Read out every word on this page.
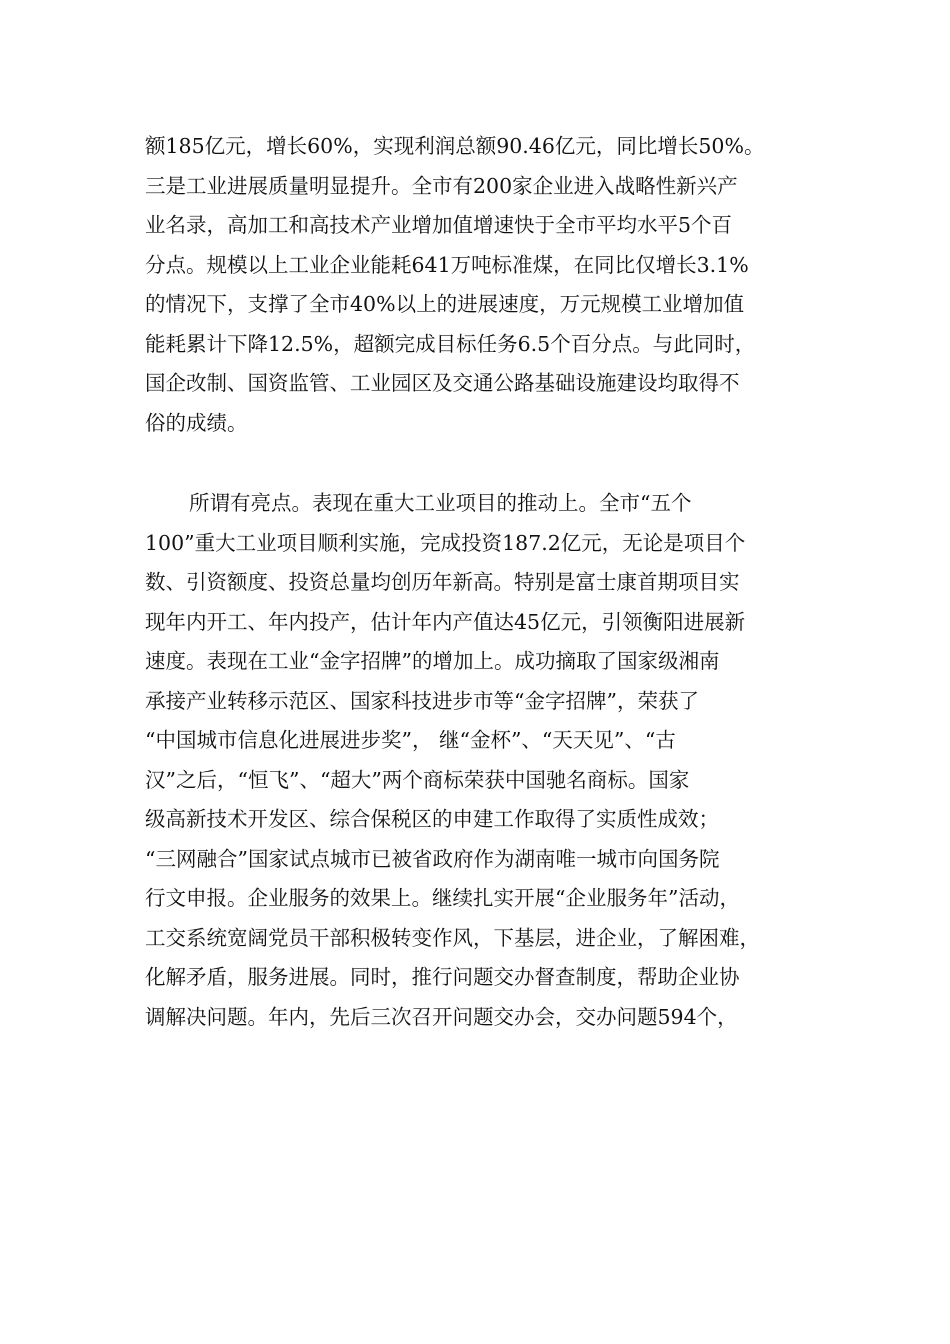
额185亿元，增长60%，实现利润总额90.46亿元，同比增长50%。
三是工业进展质量明显提升。全市有200家企业进入战略性新兴产
业名录，高加工和高技术产业增加值增速快于全市平均水平5个百
分点。规模以上工业企业能耗641万吨标准煤，在同比仅增长3.1%
的情况下，支撑了全市40%以上的进展速度，万元规模工业增加值
能耗累计下降12.5%，超额完成目标任务6.5个百分点。与此同时，
国企改制、国资监管、工业园区及交通公路基础设施建设均取得不
俗的成绩。
所谓有亮点。表现在重大工业项目的推动上。全市“五个
100”重大工业项目顺利实施，完成投资187.2亿元，无论是项目个
数、引资额度、投资总量均创历年新高。特别是富士康首期项目实
现年内开工、年内投产，估计年内产值达45亿元，引领衡阳进展新
速度。表现在工业“金字招牌”的增加上。成功摘取了国家级湘南
承接产业转移示范区、国家科技进步市等“金字招牌”，荣获了
“中国城市信息化进展进步奖”， 继“金杯”、“天天见”、“古
汉”之后，“恒飞”、“超大”两个商标荣获中国驰名商标。国家
级高新技术开发区、综合保税区的申建工作取得了实质性成效；
“三网融合”国家试点城市已被省政府作为湖南唯一城市向国务院
行文申报。企业服务的效果上。继续扎实开展“企业服务年”活动，
工交系统宽阔党员干部积极转变作风，下基层，进企业，了解困难，
化解矛盾，服务进展。同时，推行问题交办督查制度，帮助企业协
调解决问题。年内，先后三次召开问题交办会，交办问题594个，
